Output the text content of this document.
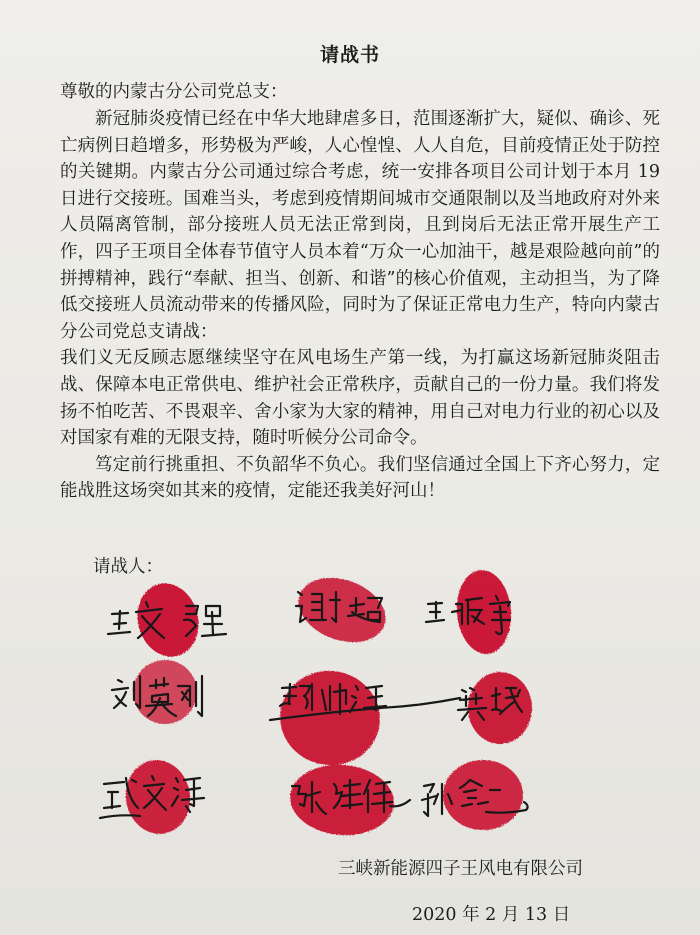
请战书
尊敬的内蒙古分公司党总支：

新冠肺炎疫情已经在中华大地肆虐多日，范围逐渐扩大，疑似、确诊、死亡病例日趋增多，形势极为严峻，人心惶惶、人人自危，目前疫情正处于防控的关键期。内蒙古分公司通过综合考虑，统一安排各项目公司计划于本月 19 日进行交接班。国难当头，考虑到疫情期间城市交通限制以及当地政府对外来人员隔离管制，部分接班人员无法正常到岗，且到岗后无法正常开展生产工作，四子王项目全体春节值守人员本着“万众一心加油干，越是艰险越向前”的拼搏精神，践行“奉献、担当、创新、和谐”的核心价值观，主动担当，为了降低交接班人员流动带来的传播风险，同时为了保证正常电力生产，特向内蒙古分公司党总支请战：

我们义无反顾志愿继续坚守在风电场生产第一线，为打赢这场新冠肺炎阻击战、保障本电正常供电、维护社会正常秩序，贡献自己的一份力量。我们将发扬不怕吃苦、不畏艰辛、舍小家为大家的精神，用自己对电力行业的初心以及对国家有难的无限支持，随时听候分公司命令。

笃定前行挑重担、不负韶华不负心。我们坚信通过全国上下齐心努力，定能战胜这场突如其来的疫情，定能还我美好河山！

请战人：
三峡新能源四子王风电有限公司
2020 年 2 月 13 日
